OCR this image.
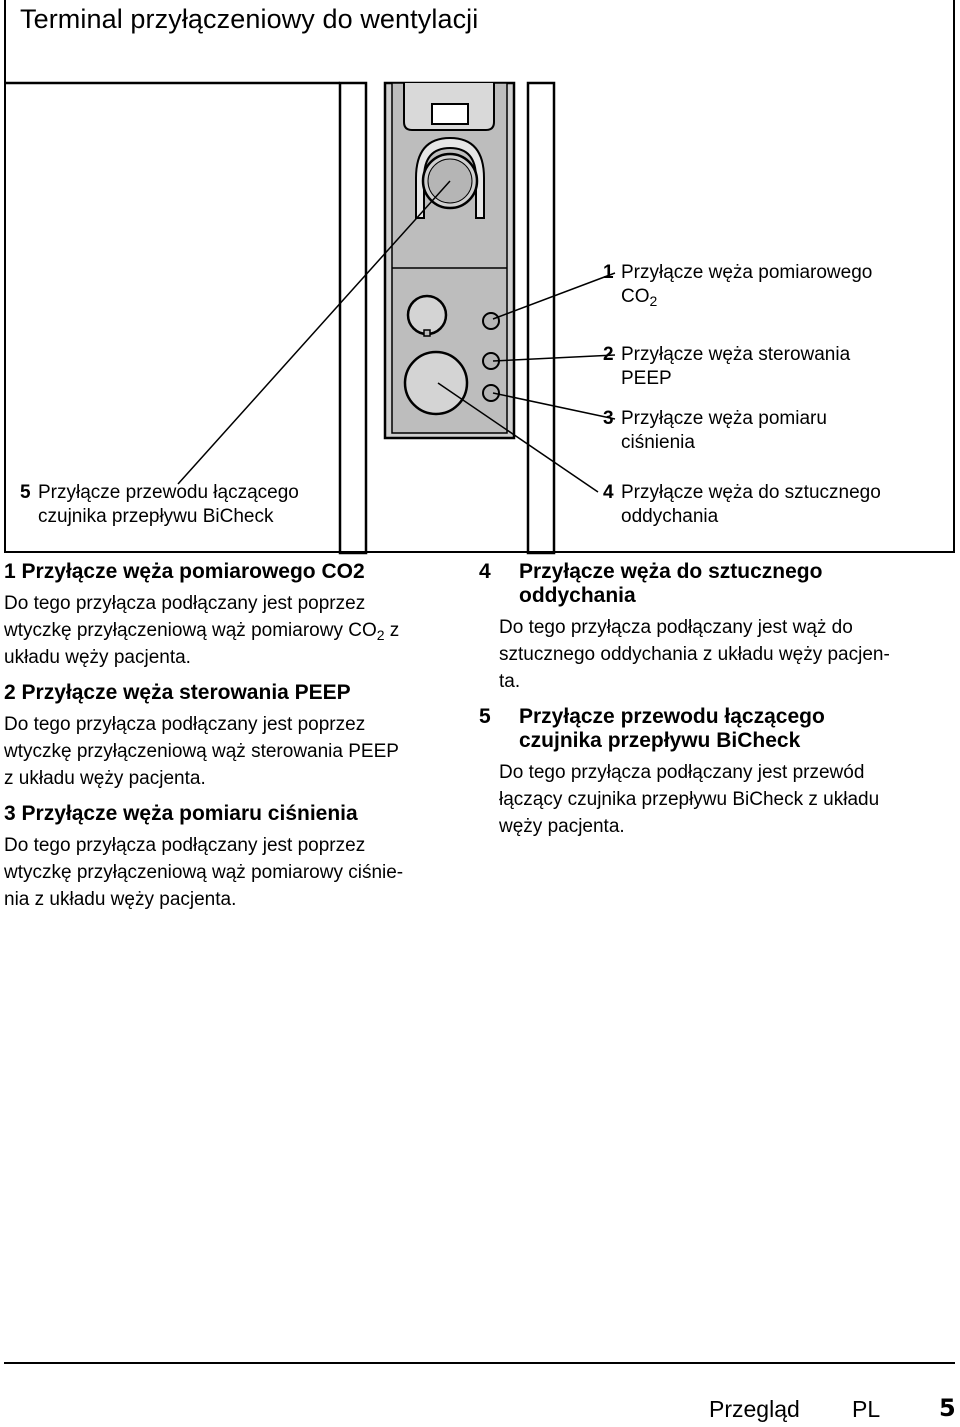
Terminal przyłączeniowy do wentylacji
1 Przyłącze węża pomiarowego
$CO_2$
2 Przyłącze węża sterowania
PEEP
3 Przyłącze węża pomiaru
ciśnienia
4 Przyłącze węża do sztucznego
oddychania
5 Przyłącze przewodu łączącego
czujnika przepływu BiCheck

1 Przyłącze węża pomiarowego CO2

Do tego przyłącza podłączany jest poprzez
wtyczkę przyłączeniową wąż pomiarowy $CO_2$ z
układu węży pacjenta.

2 Przyłącze węża sterowania PEEP

Do tego przyłącza podłączany jest poprzez
wtyczkę przyłączeniową wąż sterowania PEEP
z układu węży pacjenta.

3 Przyłącze węża pomiaru ciśnienia

Do tego przyłącza podłączany jest poprzez
wtyczkę przyłączeniową wąż pomiarowy ciśnie-
nia z układu węży pacjenta.

4 Przyłącze węża do sztucznego
oddychania

Do tego przyłącza podłączany jest wąż do
sztucznego oddychania z układu węży pacjen-
ta.

5 Przyłącze przewodu łączącego
czujnika przepływu BiCheck

Do tego przyłącza podłączany jest przewód
łączący czujnika przepływu BiCheck z układu
węży pacjenta.

Przegląd PL 5
